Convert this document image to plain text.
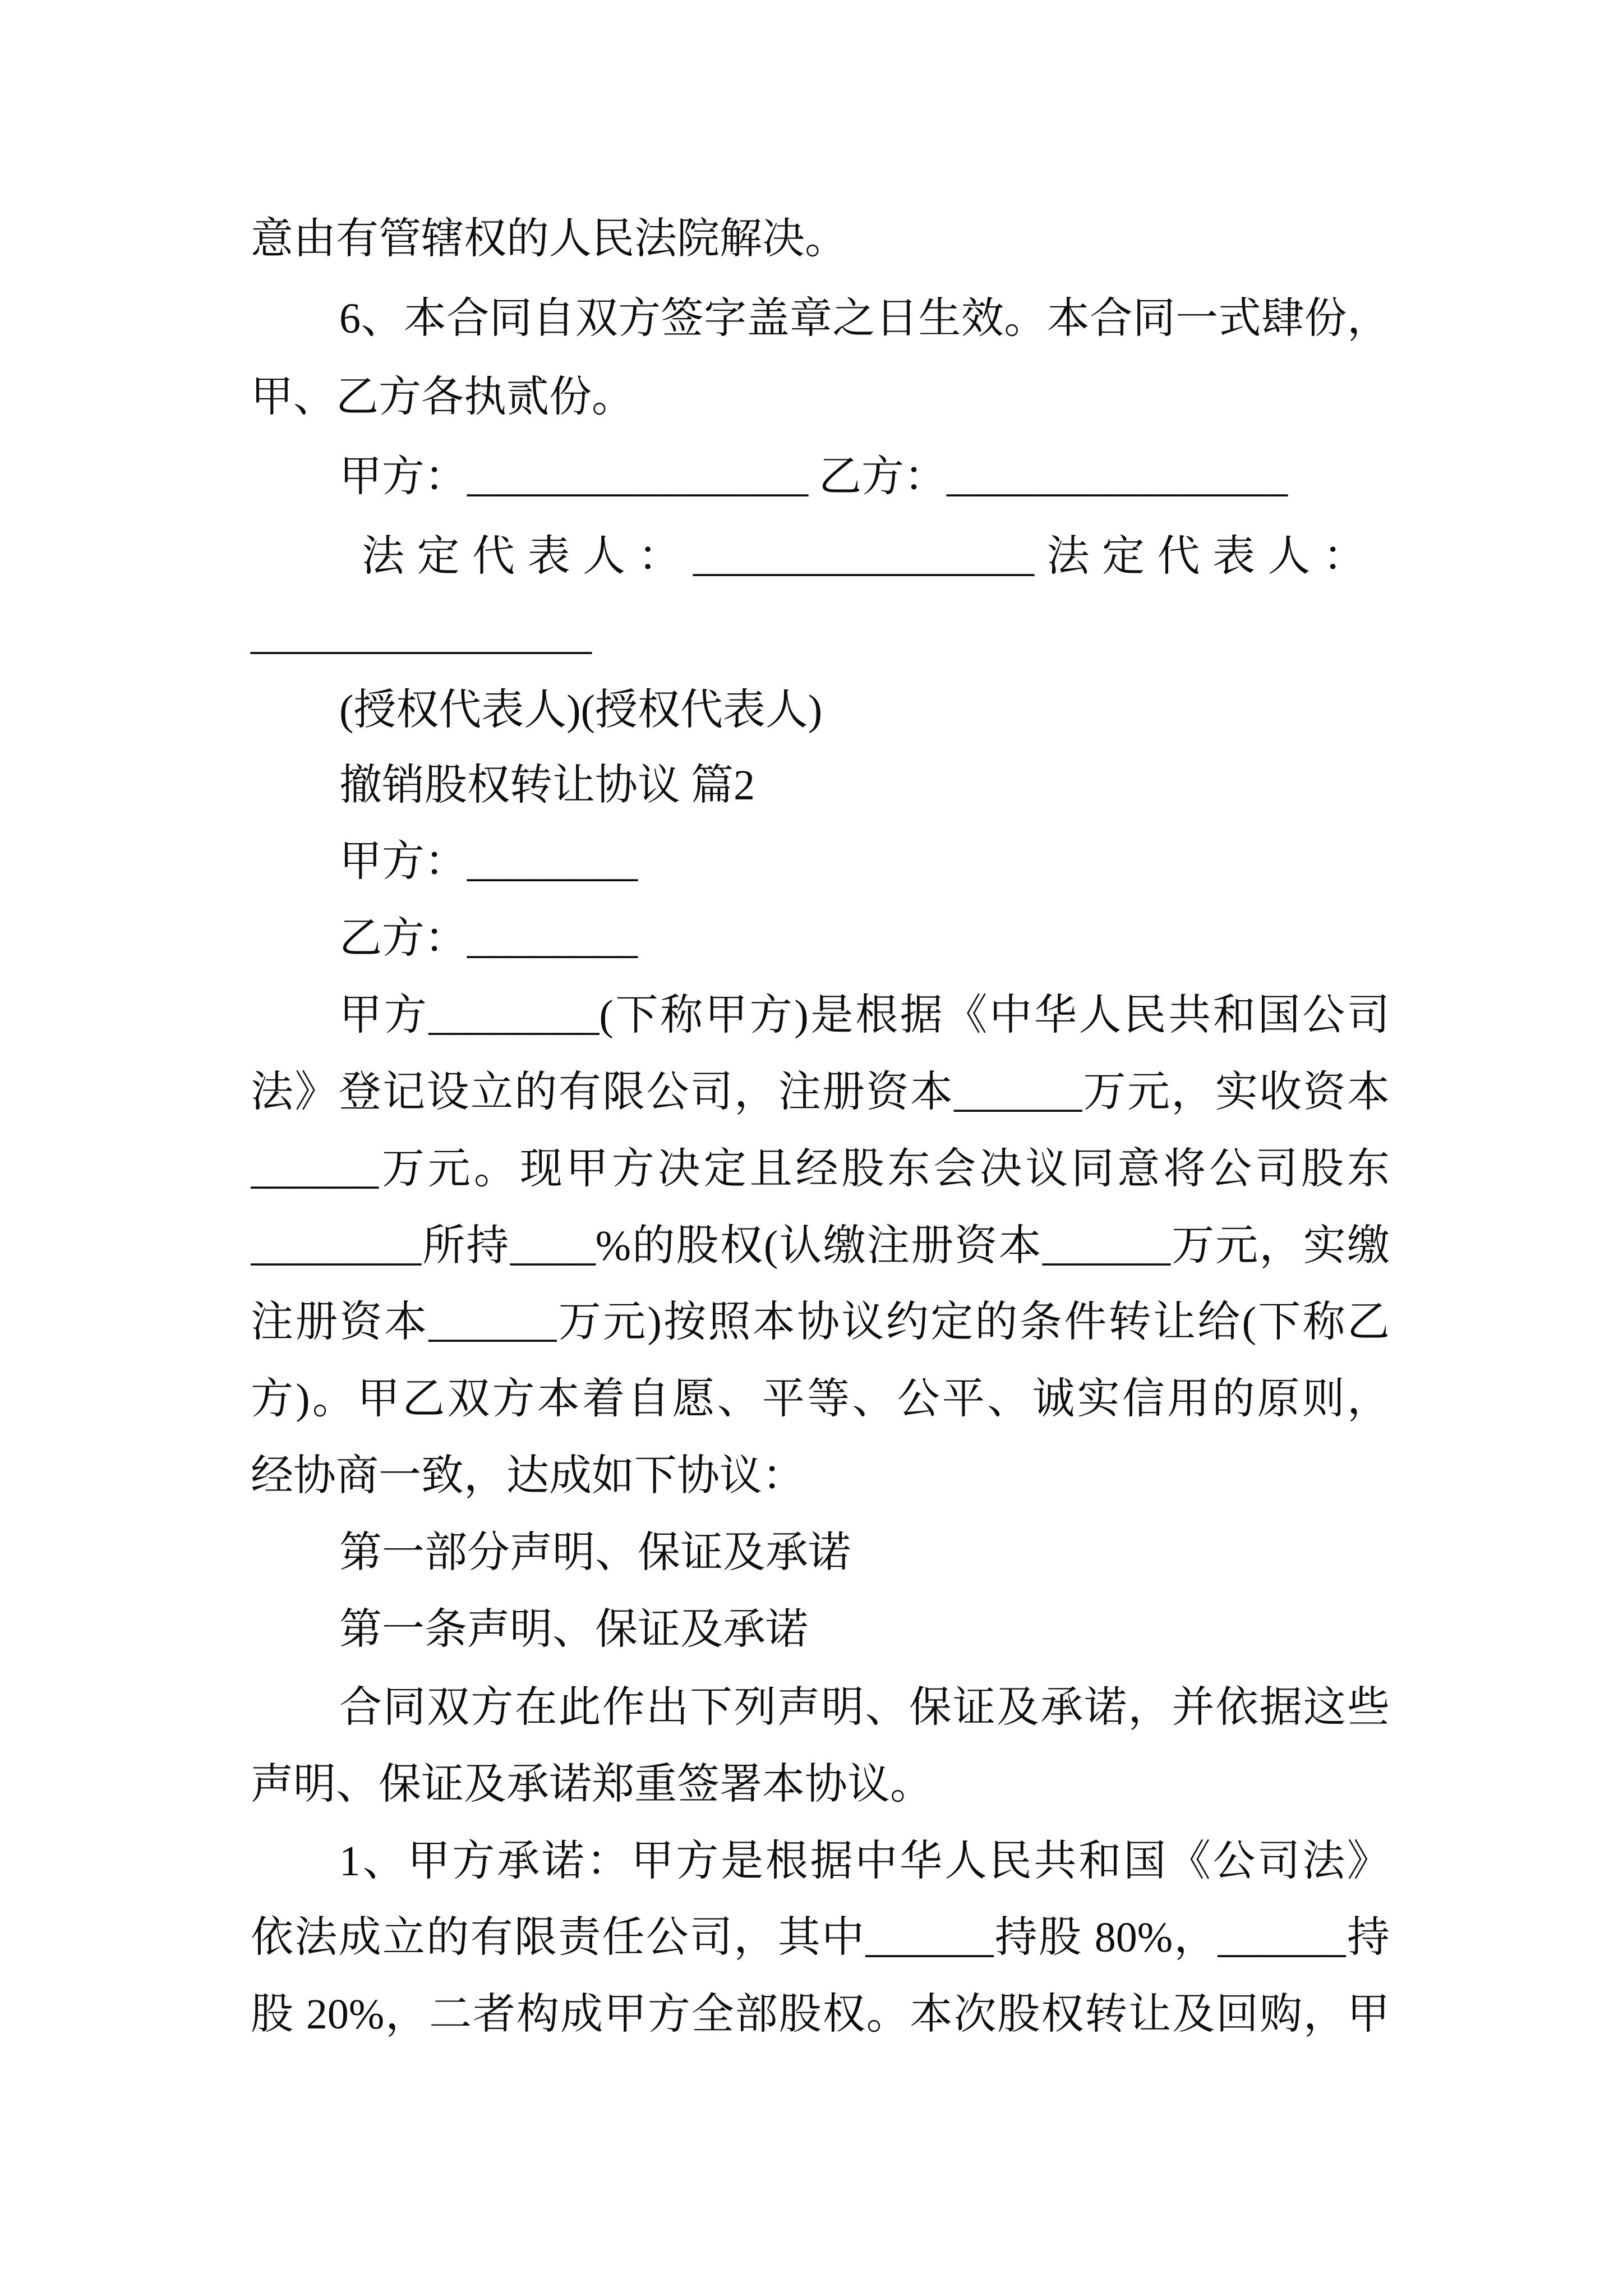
意由有管辖权的人民法院解决。
6、本合同自双方签字盖章之日生效。本合同一式肆份，
甲、乙方各执贰份。
甲方：________________ 乙方：________________
法定代表人：________________法定代表人：
________________
(授权代表人)(授权代表人)
撤销股权转让协议 篇2
甲方：________
乙方：________
甲方________(下称甲方)是根据《中华人民共和国公司
法》登记设立的有限公司，注册资本______万元，实收资本
______万元。现甲方决定且经股东会决议同意将公司股东
________所持____%的股权(认缴注册资本______万元，实缴
注册资本______万元)按照本协议约定的条件转让给(下称乙
方)。甲乙双方本着自愿、平等、公平、诚实信用的原则，
经协商一致，达成如下协议：
第一部分声明、保证及承诺
第一条声明、保证及承诺
合同双方在此作出下列声明、保证及承诺，并依据这些
声明、保证及承诺郑重签署本协议。
1、甲方承诺：甲方是根据中华人民共和国《公司法》
依法成立的有限责任公司，其中______持股 80%，______持
股 20%，二者构成甲方全部股权。本次股权转让及回购，甲
